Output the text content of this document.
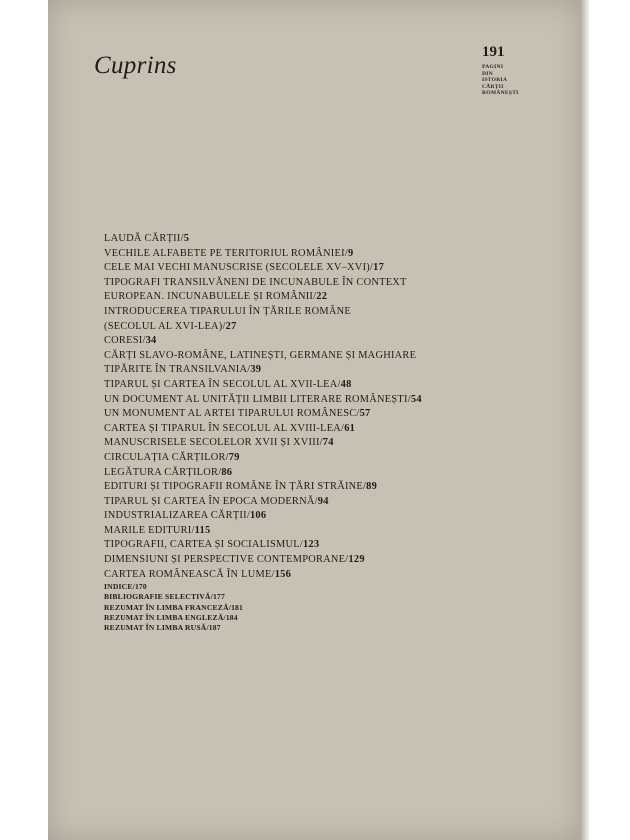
Cuprins	191
PAGINI
DIN
ISTORIA
CĂRȚII
ROMÂNEȘTI
LAUDĂ CĂRȚII/5
VECHILE ALFABETE PE TERITORIUL ROMÂNIEI/9
CELE MAI VECHI MANUSCRISE (SECOLELE XV–XVI)/17
TIPOGRAFI TRANSILVĂNENI DE INCUNABULE ÎN CONTEXT
EUROPEAN. INCUNABULELE ȘI ROMÂNII/22
INTRODUCEREA TIPARULUI ÎN ȚĂRILE ROMÂNE
(SECOLUL AL XVI-LEA)/27
CORESI/34
CĂRȚI SLAVO-ROMÂNE, LATINEȘTI, GERMANE ȘI MAGHIARE
TIPĂRITE ÎN TRANSILVANIA/39
TIPARUL ȘI CARTEA ÎN SECOLUL AL XVII-LEA/48
UN DOCUMENT AL UNITĂȚII LIMBII LITERARE ROMÂNEȘTI/54
UN MONUMENT AL ARTEI TIPARULUI ROMÂNESC/57
CARTEA ȘI TIPARUL ÎN SECOLUL AL XVIII-LEA/61
MANUSCRISELE SECOLELOR XVII ȘI XVIII/74
CIRCULAȚIA CĂRȚILOR/79
LEGĂTURA CĂRȚILOR/86
EDITURI ȘI TIPOGRAFII ROMÂNE ÎN ȚĂRI STRĂINE/89
TIPARUL ȘI CARTEA ÎN EPOCA MODERNĂ/94
INDUSTRIALIZAREA CĂRȚII/106
MARILE EDITURI/115
TIPOGRAFII, CARTEA ȘI SOCIALISMUL/123
DIMENSIUNI ȘI PERSPECTIVE CONTEMPORANE/129
CARTEA ROMÂNEASCĂ ÎN LUME/156
INDICE/170
BIBLIOGRAFIE SELECTIVĂ/177
REZUMAT ÎN LIMBA FRANCEZĂ/181
REZUMAT ÎN LIMBA ENGLEZĂ/184
REZUMAT ÎN LIMBA RUSĂ/187
